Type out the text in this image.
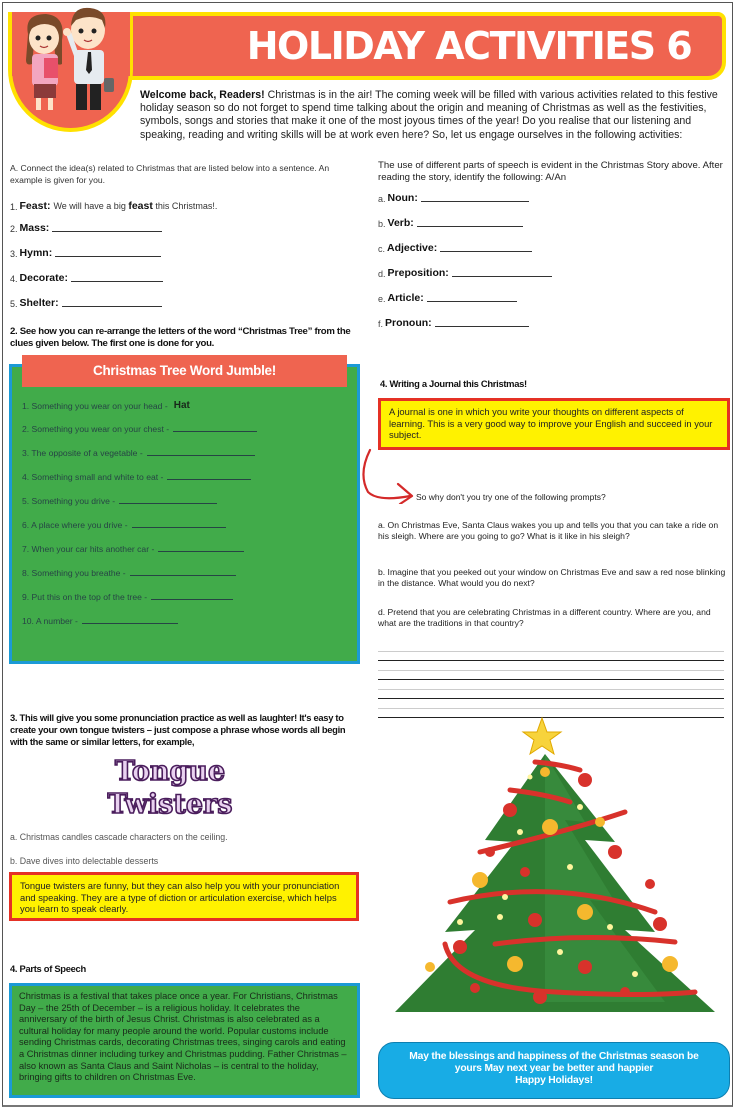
HOLIDAY ACTIVITIES 6
Welcome back, Readers! Christmas is in the air! The coming week will be filled with various activities related to this festive holiday season so do not forget to spend time talking about the origin and meaning of Christmas as well as the festivities, symbols, songs and stories that make it one of the most joyous times of the year! Do you realise that our listening and speaking, reading and writing skills will be at work even here? So, let us engage ourselves in the following activities:
A. Connect the idea(s) related to Christmas that are listed below into a sentence. An example is given for you.
1. Feast: We will have a big feast this Christmas!.
2. Mass:
3. Hymn:
4. Decorate:
5. Shelter:
2. See how you can re-arrange the letters of the word “Christmas Tree” from the clues given below. The first one is done for you.
Christmas Tree Word Jumble!
1. Something you wear on your head - Hat
2. Something you wear on your chest -
3. The opposite of a vegetable -
4. Something small and white to eat -
5. Something you drive -
6. A place where you drive -
7. When your car hits another car -
8. Something you breathe -
9. Put this on the top of the tree -
10. A number -
The use of different parts of speech is evident in the Christmas Story above. After reading the story, identify the following: A/An
a. Noun:
b. Verb:
c. Adjective:
d. Preposition:
e. Article:
f. Pronoun:
4. Writing a Journal this Christmas!
A journal is one in which you write your thoughts on different aspects of learning. This is a very good way to improve your English and succeed in your subject.
So why don't you try one of the following prompts?
a. On Christmas Eve, Santa Claus wakes you up and tells you that you can take a ride on his sleigh. Where are you going to go? What is it like in his sleigh?
b. Imagine that you peeked out your window on Christmas Eve and saw a red nose blinking in the distance. What would you do next?
d. Pretend that you are celebrating Christmas in a different country. Where are you, and what are the traditions in that country?
3. This will give you some pronunciation practice as well as laughter! It's easy to create your own tongue twisters – just compose a phrase whose words all begin with the same or similar letters, for example,
Tongue
Twisters
a. Christmas candles cascade characters on the ceiling.
b. Dave dives into delectable desserts
Tongue twisters are funny, but they can also help you with your pronunciation and speaking. They are a type of diction or articulation exercise, which helps you learn to speak clearly.
4. Parts of Speech
Christmas is a festival that takes place once a year. For Christians, Christmas Day – the 25th of December – is a religious holiday. It celebrates the anniversary of the birth of Jesus Christ. Christmas is also celebrated as a cultural holiday for many people around the world. Popular customs include sending Christmas cards, decorating Christmas trees, singing carols and eating a Christmas dinner including turkey and Christmas pudding. Father Christmas – also known as Santa Claus and Saint Nicholas – is central to the holiday, bringing gifts to children on Christmas Eve.
May the blessings and happiness of the Christmas season be
yours May next year be better and happier
Happy Holidays!
